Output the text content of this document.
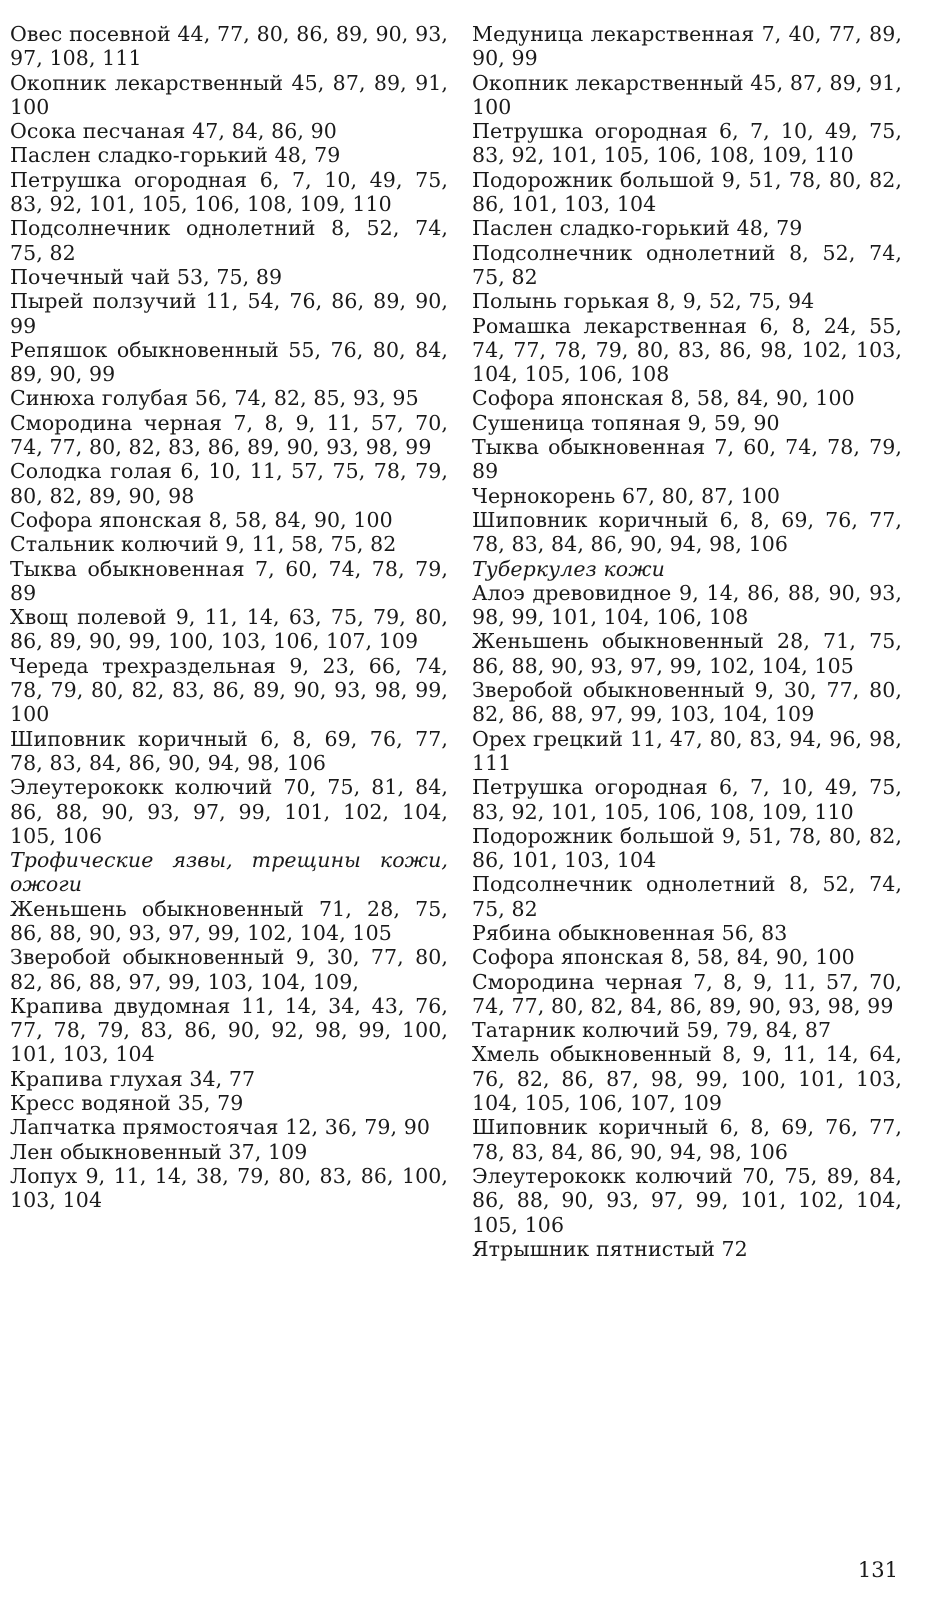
Овес посевной 44, 77, 80, 86, 89, 90, 93, 97, 108, 111

Окопник лекарственный 45, 87, 89, 91, 100

Осока песчаная 47, 84, 86, 90

Паслен сладко-горький 48, 79

Петрушка огородная 6, 7, 10, 49, 75, 83, 92, 101, 105, 106, 108, 109, 110

Подсолнечник однолетний 8, 52, 74, 75, 82

Почечный чай 53, 75, 89

Пырей ползучий 11, 54, 76, 86, 89, 90, 99

Репяшок обыкновенный 55, 76, 80, 84, 89, 90, 99

Синюха голубая 56, 74, 82, 85, 93, 95

Смородина черная 7, 8, 9, 11, 57, 70, 74, 77, 80, 82, 83, 86, 89, 90, 93, 98, 99

Солодка голая 6, 10, 11, 57, 75, 78, 79, 80, 82, 89, 90, 98

Софора японская 8, 58, 84, 90, 100

Стальник колючий 9, 11, 58, 75, 82

Тыква обыкновенная 7, 60, 74, 78, 79, 89

Хвощ полевой 9, 11, 14, 63, 75, 79, 80, 86, 89, 90, 99, 100, 103, 106, 107, 109

Череда трехраздельная 9, 23, 66, 74, 78, 79, 80, 82, 83, 86, 89, 90, 93, 98, 99, 100

Шиповник коричный 6, 8, 69, 76, 77, 78, 83, 84, 86, 90, 94, 98, 106

Элеутерококк колючий 70, 75, 81, 84, 86, 88, 90, 93, 97, 99, 101, 102, 104, 105, 106

Трофические язвы, трещины кожи, ожоги

Женьшень обыкновенный 71, 28, 75, 86, 88, 90, 93, 97, 99, 102, 104, 105

Зверобой обыкновенный 9, 30, 77, 80, 82, 86, 88, 97, 99, 103, 104, 109,

Крапива двудомная 11, 14, 34, 43, 76, 77, 78, 79, 83, 86, 90, 92, 98, 99, 100, 101, 103, 104

Крапива глухая 34, 77

Кресс водяной 35, 79

Лапчатка прямостоячая 12, 36, 79, 90

Лен обыкновенный 37, 109

Лопух 9, 11, 14, 38, 79, 80, 83, 86, 100, 103, 104

Медуница лекарственная 7, 40, 77, 89, 90, 99

Окопник лекарственный 45, 87, 89, 91, 100

Петрушка огородная 6, 7, 10, 49, 75, 83, 92, 101, 105, 106, 108, 109, 110

Подорожник большой 9, 51, 78, 80, 82, 86, 101, 103, 104

Паслен сладко-горький 48, 79

Подсолнечник однолетний 8, 52, 74, 75, 82

Полынь горькая 8, 9, 52, 75, 94

Ромашка лекарственная 6, 8, 24, 55, 74, 77, 78, 79, 80, 83, 86, 98, 102, 103, 104, 105, 106, 108

Софора японская 8, 58, 84, 90, 100

Сушеница топяная 9, 59, 90

Тыква обыкновенная 7, 60, 74, 78, 79, 89

Чернокорень 67, 80, 87, 100

Шиповник коричный 6, 8, 69, 76, 77, 78, 83, 84, 86, 90, 94, 98, 106

Туберкулез кожи

Алоэ древовидное 9, 14, 86, 88, 90, 93, 98, 99, 101, 104, 106, 108

Женьшень обыкновенный 28, 71, 75, 86, 88, 90, 93, 97, 99, 102, 104, 105

Зверобой обыкновенный 9, 30, 77, 80, 82, 86, 88, 97, 99, 103, 104, 109

Орех грецкий 11, 47, 80, 83, 94, 96, 98, 111

Петрушка огородная 6, 7, 10, 49, 75, 83, 92, 101, 105, 106, 108, 109, 110

Подорожник большой 9, 51, 78, 80, 82, 86, 101, 103, 104

Подсолнечник однолетний 8, 52, 74, 75, 82

Рябина обыкновенная 56, 83

Софора японская 8, 58, 84, 90, 100

Смородина черная 7, 8, 9, 11, 57, 70, 74, 77, 80, 82, 84, 86, 89, 90, 93, 98, 99

Татарник колючий 59, 79, 84, 87

Хмель обыкновенный 8, 9, 11, 14, 64, 76, 82, 86, 87, 98, 99, 100, 101, 103, 104, 105, 106, 107, 109

Шиповник коричный 6, 8, 69, 76, 77, 78, 83, 84, 86, 90, 94, 98, 106

Элеутерококк колючий 70, 75, 89, 84, 86, 88, 90, 93, 97, 99, 101, 102, 104, 105, 106

Ятрышник пятнистый 72

131
